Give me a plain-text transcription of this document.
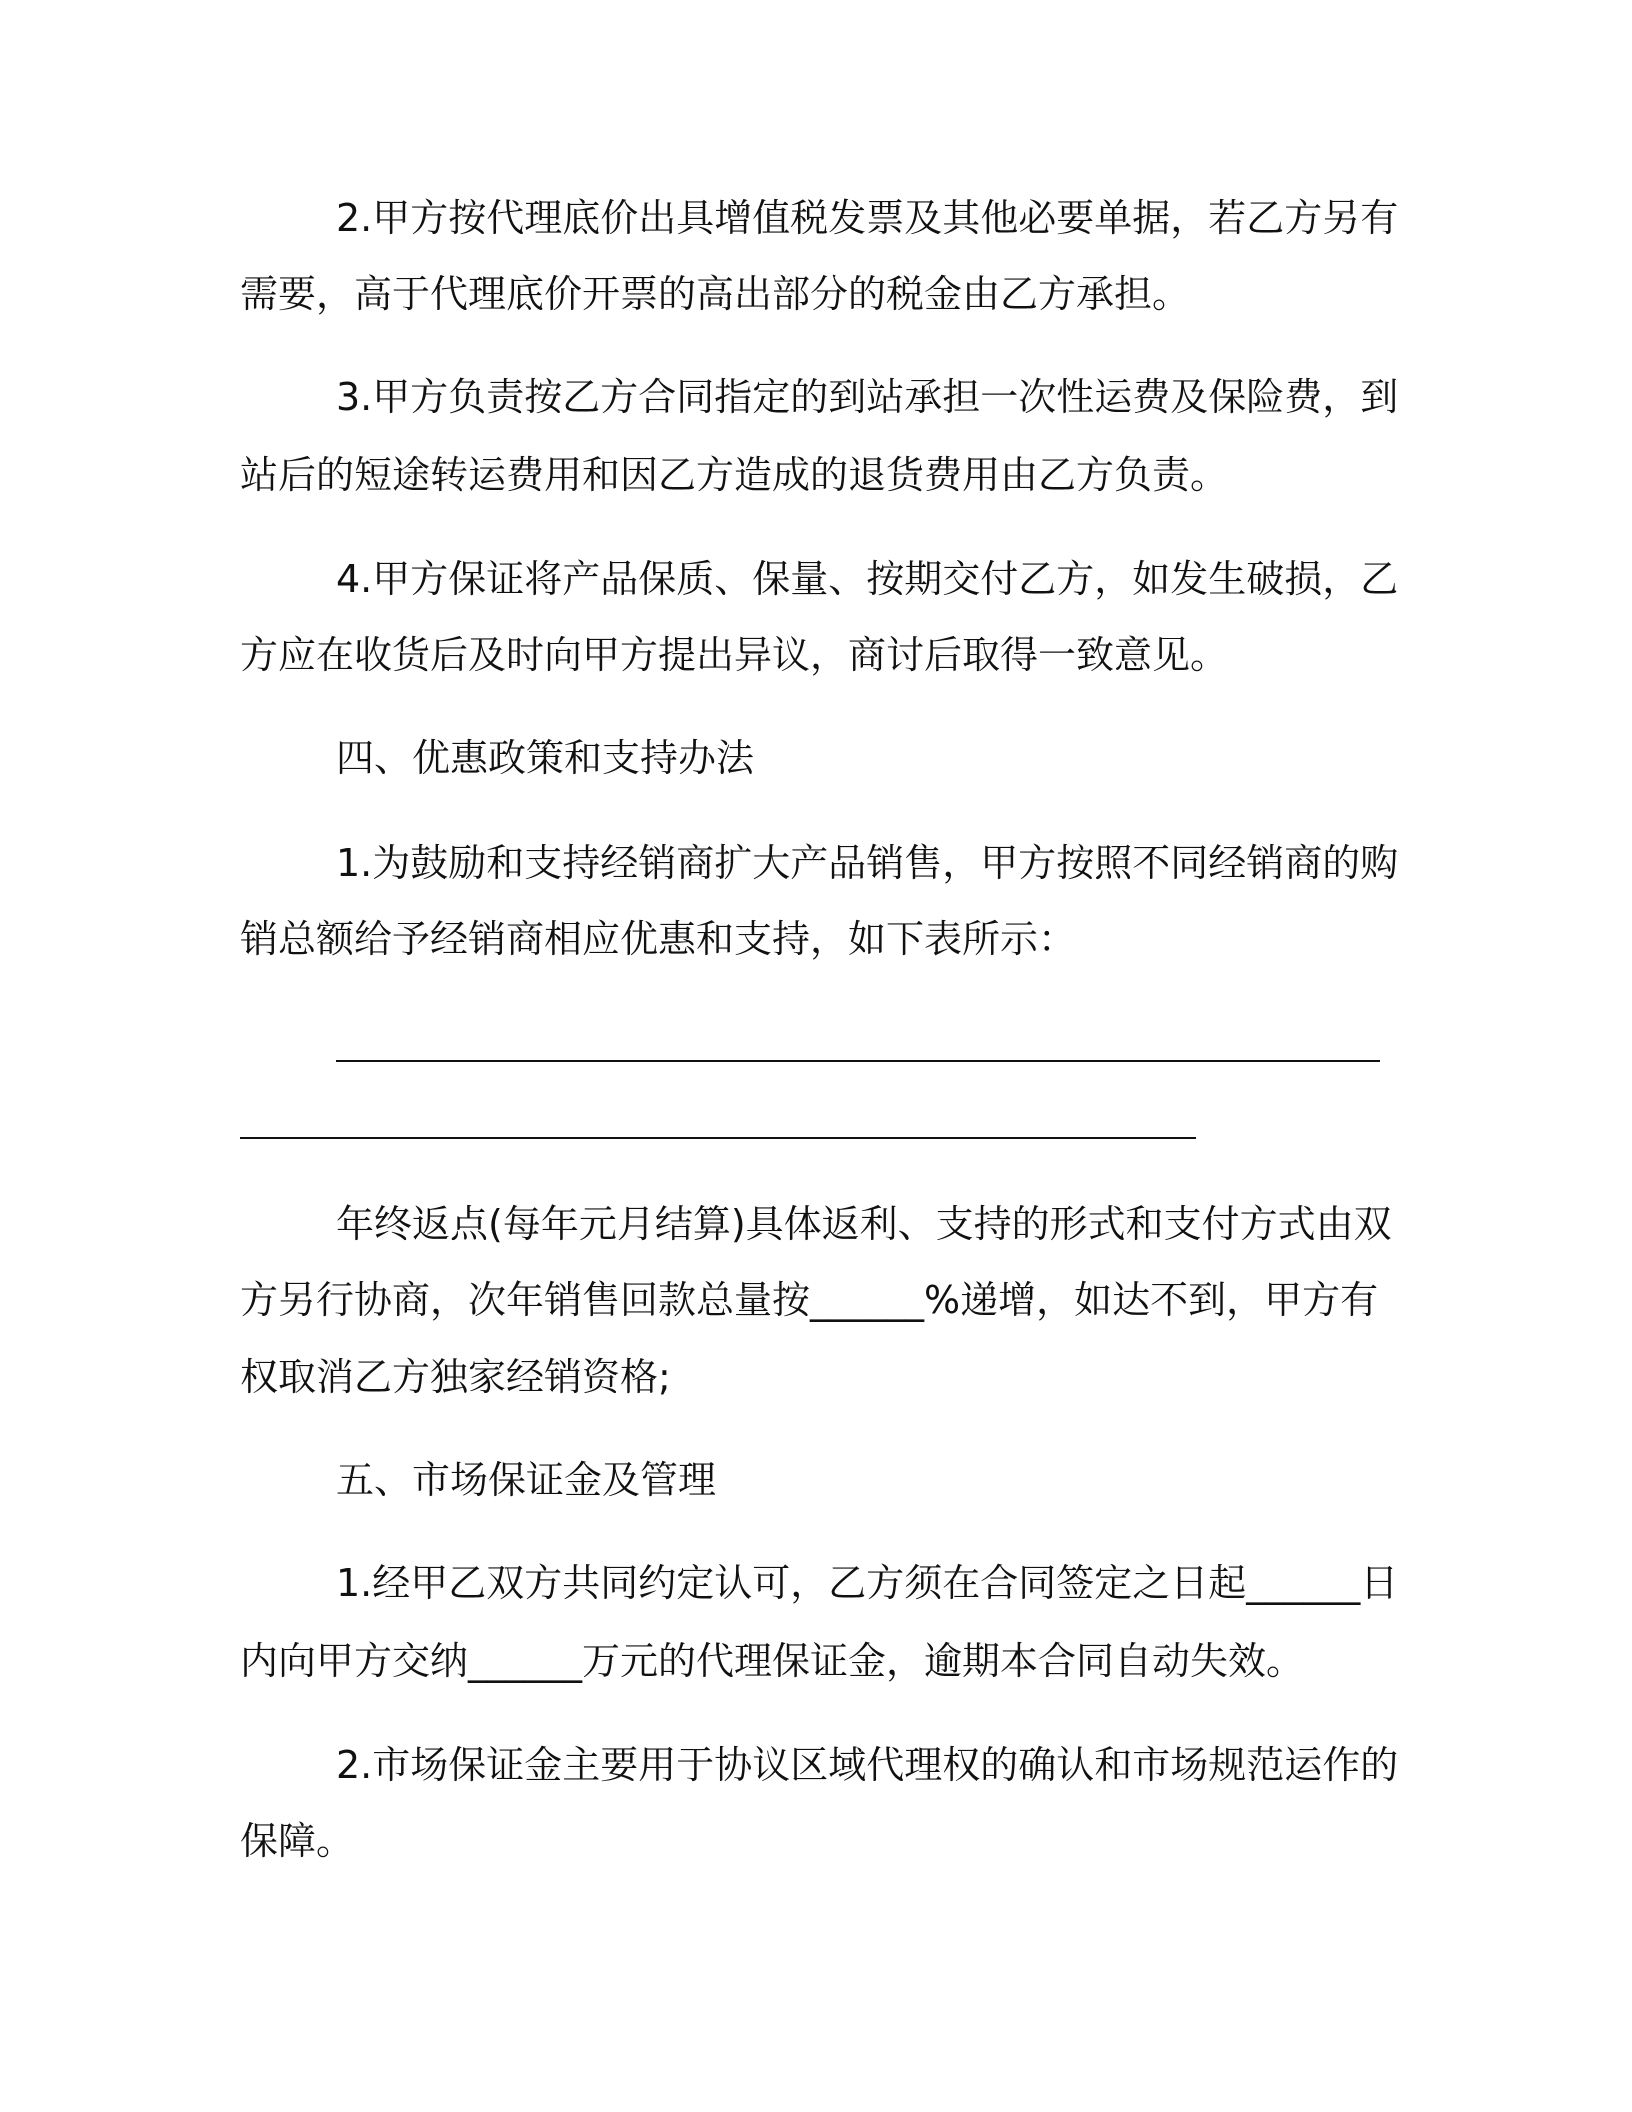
2.甲方按代理底价出具增值税发票及其他必要单据，若乙方另有
需要，高于代理底价开票的高出部分的税金由乙方承担。
3.甲方负责按乙方合同指定的到站承担一次性运费及保险费，到
站后的短途转运费用和因乙方造成的退货费用由乙方负责。
4.甲方保证将产品保质、保量、按期交付乙方，如发生破损，乙
方应在收货后及时向甲方提出异议，商讨后取得一致意见。
四、优惠政策和支持办法
1.为鼓励和支持经销商扩大产品销售，甲方按照不同经销商的购
销总额给予经销商相应优惠和支持，如下表所示：
年终返点(每年元月结算)具体返利、支持的形式和支付方式由双
方另行协商，次年销售回款总量按______%递增，如达不到，甲方有
权取消乙方独家经销资格;
五、市场保证金及管理
1.经甲乙双方共同约定认可，乙方须在合同签定之日起______日
内向甲方交纳______万元的代理保证金，逾期本合同自动失效。
2.市场保证金主要用于协议区域代理权的确认和市场规范运作的
保障。
